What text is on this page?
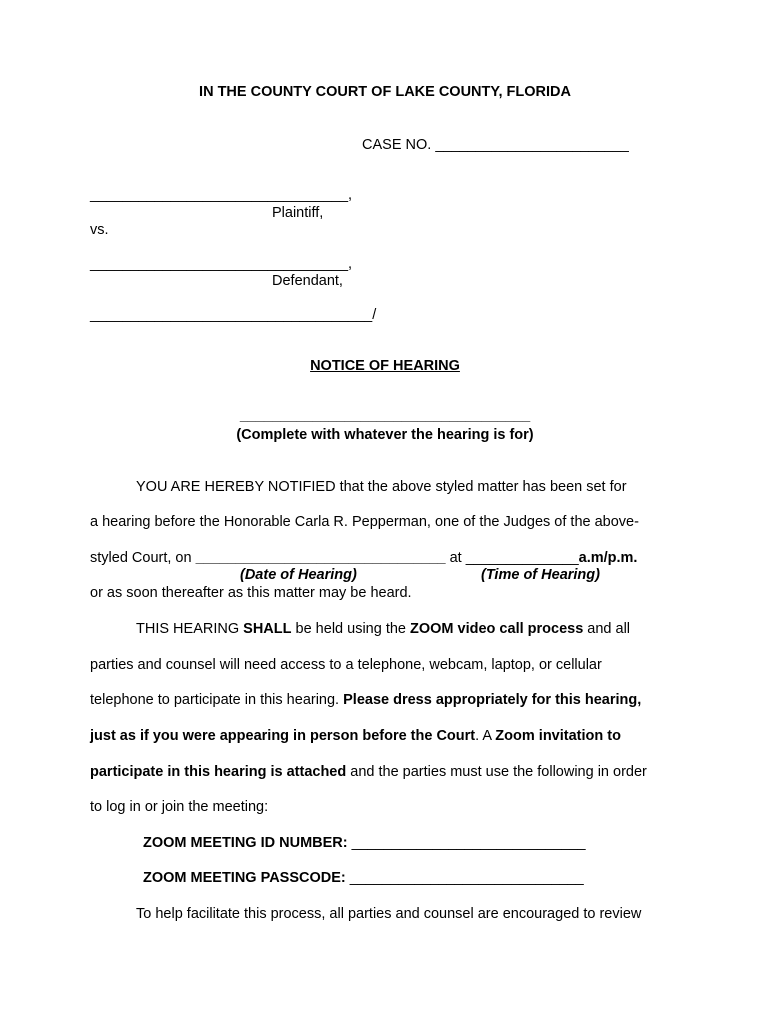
IN THE COUNTY COURT OF LAKE COUNTY, FLORIDA
CASE NO. ________________________
________________________________,
Plaintiff,
vs.
________________________________,
Defendant,
___________________________________/
NOTICE OF HEARING
____________________________________
(Complete with whatever the hearing is for)
YOU ARE HEREBY NOTIFIED that the above styled matter has been set for
a hearing before the Honorable Carla R. Pepperman, one of the Judges of the above-
styled Court, on _______________________________ at ______________a.m/p.m.
(Date of Hearing)	(Time of Hearing)
or as soon thereafter as this matter may be heard.
THIS HEARING SHALL be held using the ZOOM video call process and all
parties and counsel will need access to a telephone, webcam, laptop, or cellular
telephone to participate in this hearing. Please dress appropriately for this hearing,
just as if you were appearing in person before the Court. A Zoom invitation to
participate in this hearing is attached and the parties must use the following in order
to log in or join the meeting:
ZOOM MEETING ID NUMBER: _____________________________
ZOOM MEETING PASSCODE: _____________________________
To help facilitate this process, all parties and counsel are encouraged to review
